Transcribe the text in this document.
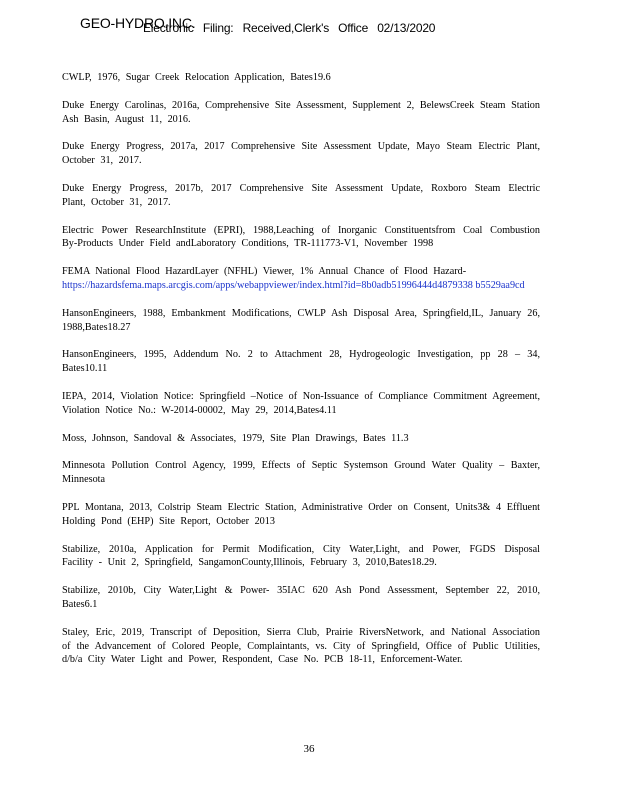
GEO-HYDRO,INC.
Electronic Filing: Received,Clerk's Office 02/13/2020

CWLP, 1976, Sugar Creek Relocation Application, Bates19.6

Duke Energy Carolinas, 2016a, Comprehensive Site Assessment, Supplement 2, BelewsCreek Steam Station Ash Basin, August 11, 2016.

Duke Energy Progress, 2017a, 2017 Comprehensive Site Assessment Update, Mayo Steam Electric Plant, October 31, 2017.

Duke Energy Progress, 2017b, 2017 Comprehensive Site Assessment Update, Roxboro Steam Electric Plant, October 31, 2017.

Electric Power ResearchInstitute (EPRI), 1988,Leaching of Inorganic Constituentsfrom Coal Combustion By-Products Under Field andLaboratory Conditions, TR-111773-V1, November 1998

FEMA National Flood HazardLayer (NFHL) Viewer, 1% Annual Chance of Flood Hazard-
https://hazardsfema.maps.arcgis.com/apps/webappviewer/index.html?id=8b0adb51996444d4879338 b5529aa9cd

HansonEngineers, 1988, Embankment Modifications, CWLP Ash Disposal Area, Springfield,IL, January 26, 1988,Bates18.27

HansonEngineers, 1995, Addendum No. 2 to Attachment 28, Hydrogeologic Investigation, pp 28 – 34, Bates10.11

IEPA, 2014, Violation Notice: Springfield –Notice of Non-Issuance of Compliance Commitment Agreement, Violation Notice No.: W-2014-00002, May 29, 2014,Bates4.11

Moss, Johnson, Sandoval & Associates, 1979, Site Plan Drawings, Bates 11.3

Minnesota Pollution Control Agency, 1999, Effects of Septic Systemson Ground Water Quality – Baxter, Minnesota

PPL Montana, 2013, Colstrip Steam Electric Station, Administrative Order on Consent, Units3& 4 Effluent Holding Pond (EHP) Site Report, October 2013

Stabilize, 2010a, Application for Permit Modification, City Water,Light, and Power, FGDS Disposal Facility - Unit 2, Springfield, SangamonCounty,Illinois, February 3, 2010,Bates18.29.

Stabilize, 2010b, City Water,Light & Power- 35IAC 620 Ash Pond Assessment, September 22, 2010, Bates6.1

Staley, Eric, 2019, Transcript of Deposition, Sierra Club, Prairie RiversNetwork, and National Association of the Advancement of Colored People, Complaintants, vs. City of Springfield, Office of Public Utilities, d/b/a City Water Light and Power, Respondent, Case No. PCB 18-11, Enforcement-Water.

36
